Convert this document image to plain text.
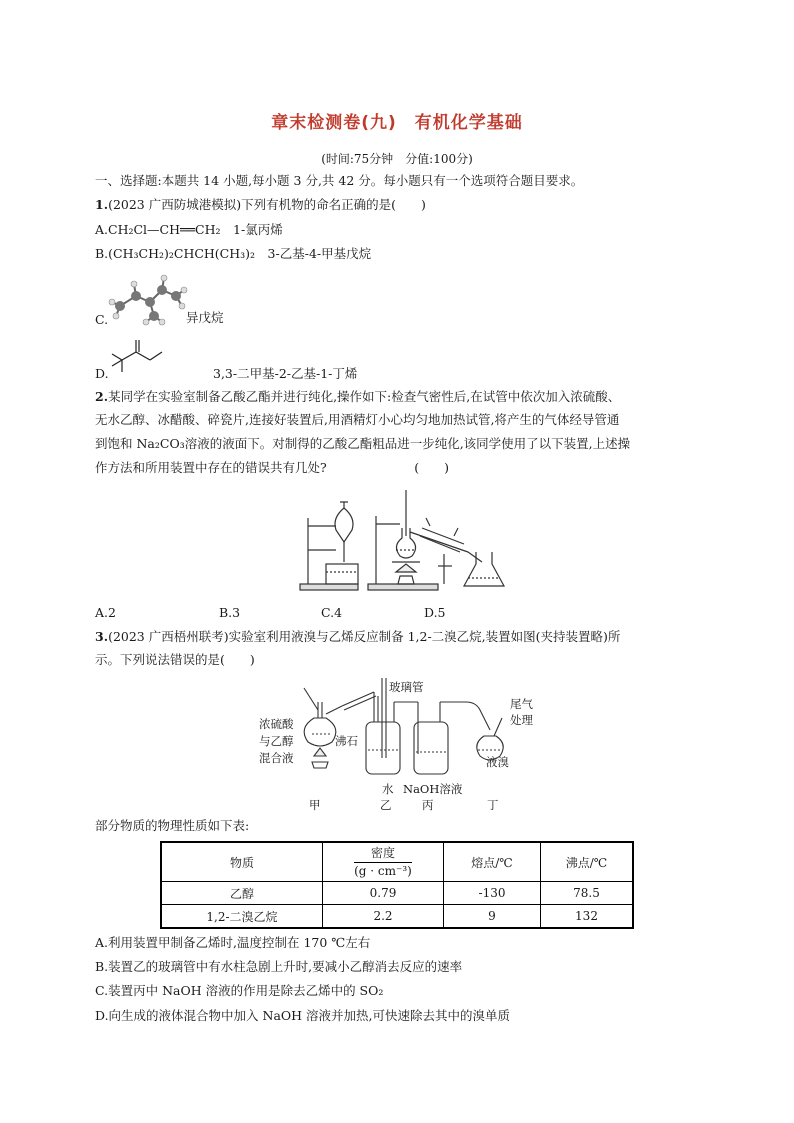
章末检测卷(九)　有机化学基础
(时间:75分钟　分值:100分)
一、选择题:本题共 14 小题,每小题 3 分,共 42 分。每小题只有一个选项符合题目要求。
1.(2023 广西防城港模拟)下列有机物的命名正确的是(　　)
A.CH₂Cl—CH══CH₂　1-氯丙烯
B.(CH₃CH₂)₂CHCH(CH₃)₂　3-乙基-4-甲基戊烷
C.	异戊烷
D.	3,3-二甲基-2-乙基-1-丁烯
2.某同学在实验室制备乙酸乙酯并进行纯化,操作如下:检查气密性后,在试管中依次加入浓硫酸、
无水乙醇、冰醋酸、碎瓷片,连接好装置后,用酒精灯小心均匀地加热试管,将产生的气体经导管通
到饱和 Na₂CO₃溶液的液面下。对制得的乙酸乙酯粗品进一步纯化,该同学使用了以下装置,上述操
作方法和所用装置中存在的错误共有几处?　　　　　　　(　　)
A.2	B.3	C.4	D.5
3.(2023 广西梧州联考)实验室利用液溴与乙烯反应制备 1,2-二溴乙烷,装置如图(夹持装置略)所
示。下列说法错误的是(　　)
玻璃管
尾气
处理
浓硫酸
与乙醇
混合液
沸石
水 NaOH溶液
液溴
甲	乙	丙	丁
部分物质的物理性质如下表:
物质	$\frac{\text{密度}}{\text{(g · cm⁻³)}}$	熔点/℃	沸点/℃
乙醇	0.79	-130	78.5
1,2-二溴乙烷	2.2	9	132
A.利用装置甲制备乙烯时,温度控制在 170 ℃左右
B.装置乙的玻璃管中有水柱急剧上升时,要减小乙醇消去反应的速率
C.装置丙中 NaOH 溶液的作用是除去乙烯中的 SO₂
D.向生成的液体混合物中加入 NaOH 溶液并加热,可快速除去其中的溴单质
